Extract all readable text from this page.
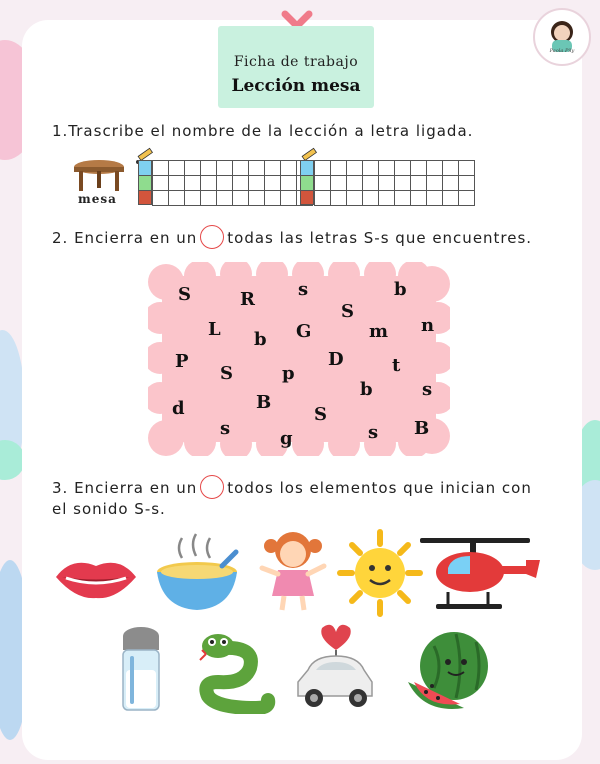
Ficha de trabajo
Lección mesa
Paola Pily
1.Trascribe el nombre de la lección a letra ligada.
mesa
2. Encierra en un todas las letras S-s que encuentres.
S	R s	b
S
L b G	m n
P
S	p
D	t
b	s
d	B
S
s	g	s B
3. Encierra en un todos los elementos que inician con
el sonido S-s.
